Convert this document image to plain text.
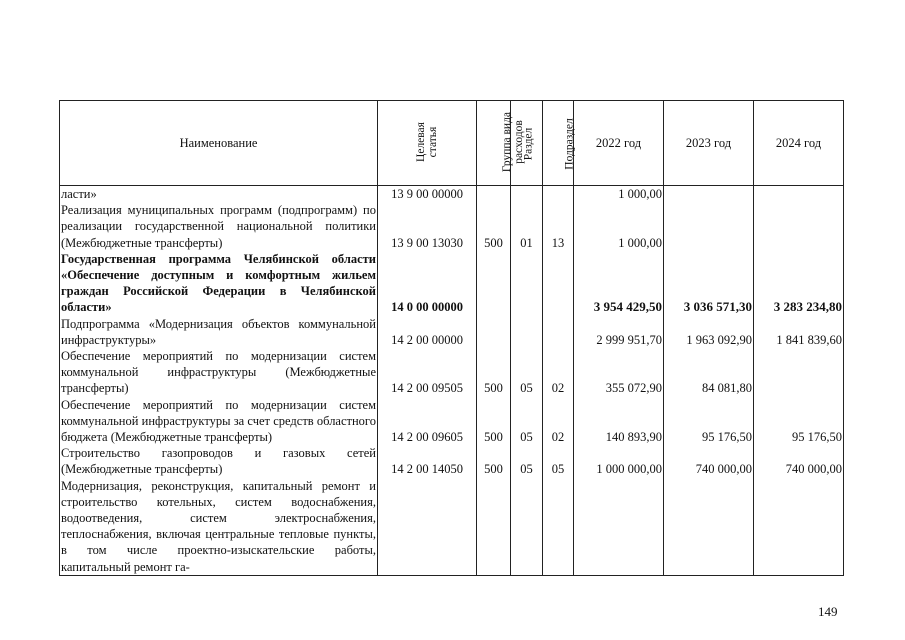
Наименование	Целевая статья	Группа вида расходов	Раздел	Подраздел	2022 год	2023 год	2024 год
ласти»	13 9 00 00000				1 000,00		
Реализация муниципальных программ (подпрограмм) по реализации государственной национальной политики (Межбюджетные трансферты)	13 9 00 13030	500	01	13	1 000,00		
Государственная программа Челябинской области «Обеспечение доступным и комфортным жильем граждан Российской Федерации в Челябинской области»	14 0 00 00000				3 954 429,50	3 036 571,30	3 283 234,80
Подпрограмма «Модернизация объектов коммунальной инфраструктуры»	14 2 00 00000				2 999 951,70	1 963 092,90	1 841 839,60
Обеспечение мероприятий по модернизации систем коммунальной инфраструктуры (Межбюджетные трансферты)	14 2 00 09505	500	05	02	355 072,90	84 081,80	
Обеспечение мероприятий по модернизации систем коммунальной инфраструктуры за счет средств областного бюджета (Межбюджетные трансферты)	14 2 00 09605	500	05	02	140 893,90	95 176,50	95 176,50
Строительство газопроводов и газовых сетей (Межбюджетные трансферты)	14 2 00 14050	500	05	05	1 000 000,00	740 000,00	740 000,00
Модернизация, реконструкция, капитальный ремонт и строительство котельных, систем водоснабжения, водоотведения, систем электроснабжения, теплоснабжения, включая центральные тепловые пункты, в том числе проектно-изыскательские работы, капитальный ремонт га-							
149
